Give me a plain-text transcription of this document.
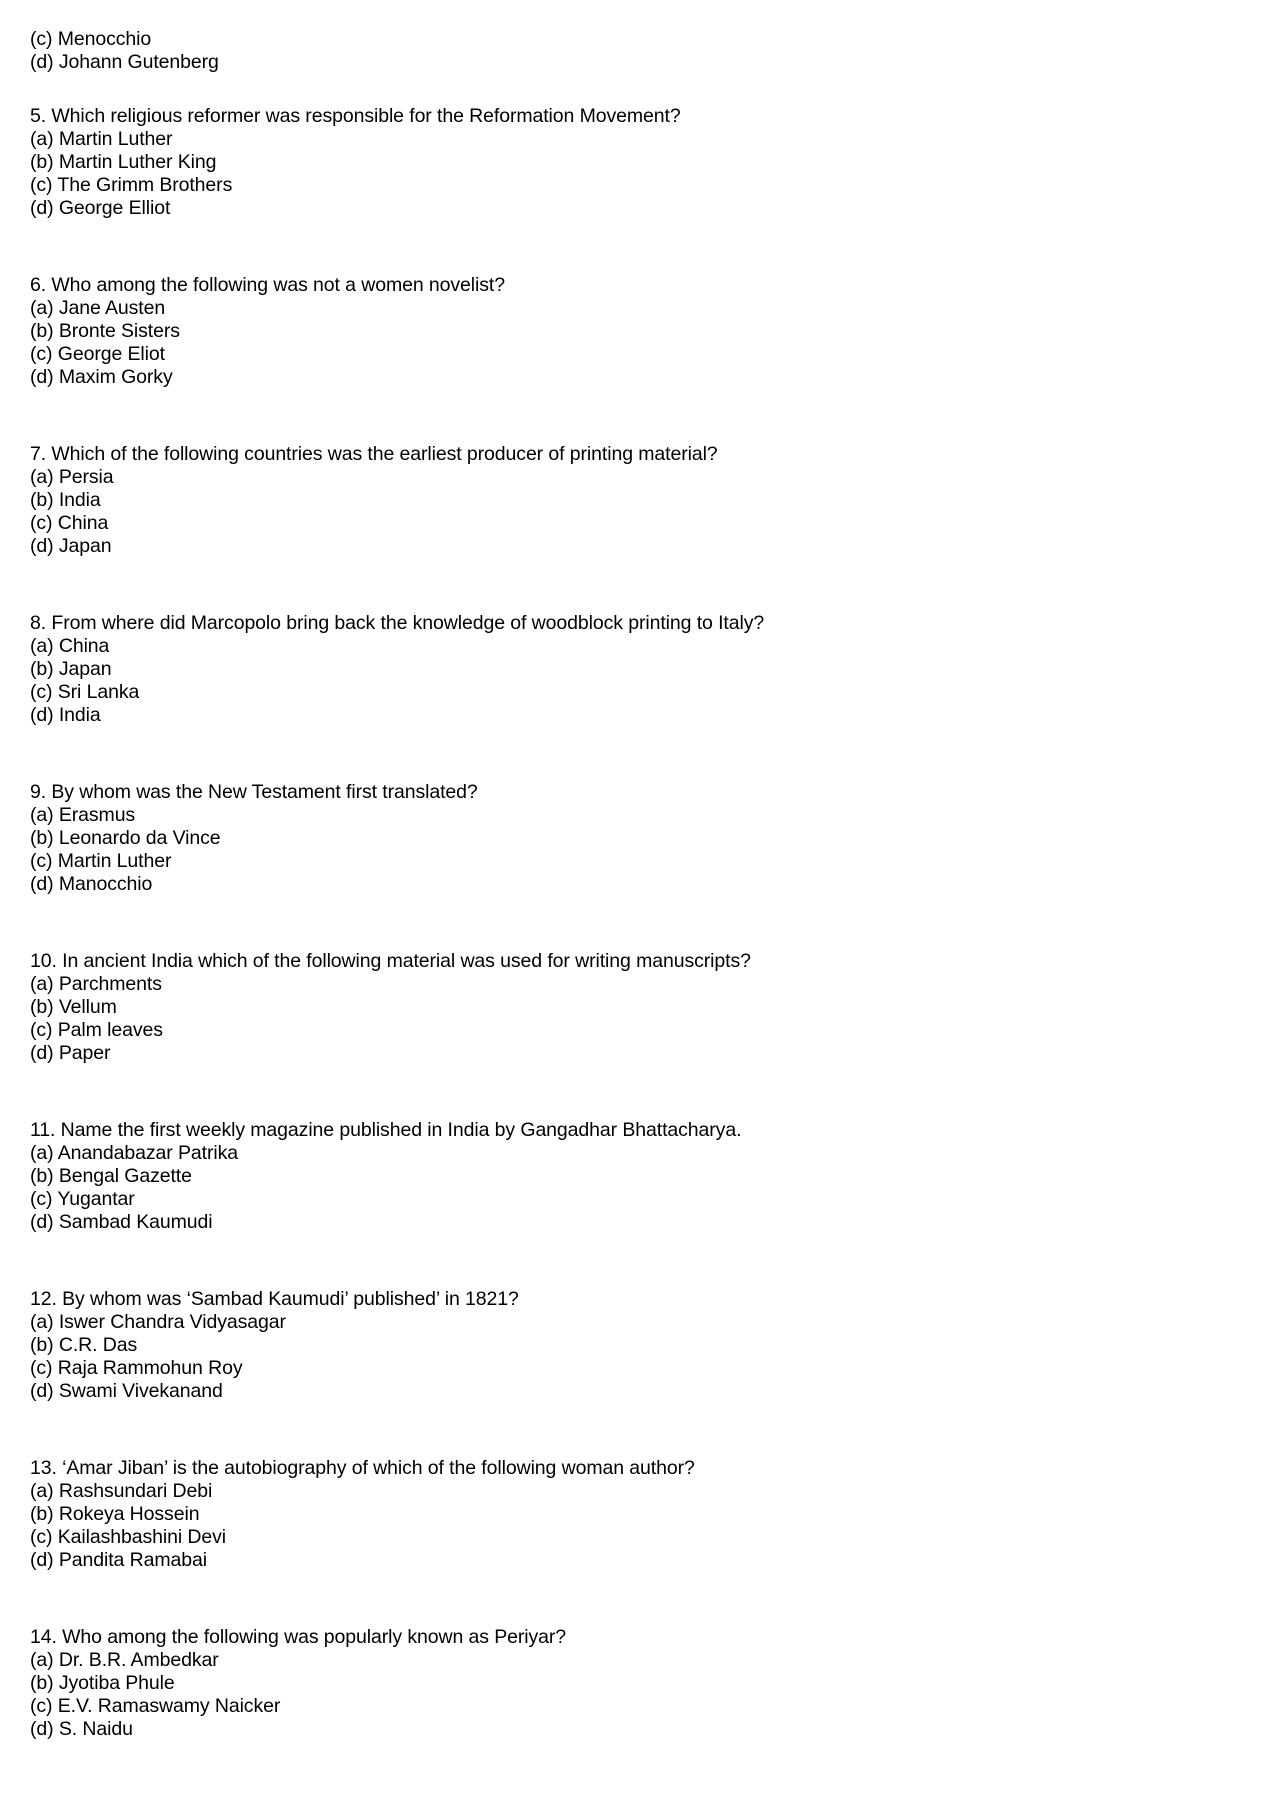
(c) Menocchio
(d) Johann Gutenberg
5. Which religious reformer was responsible for the Reformation Movement?
(a) Martin Luther
(b) Martin Luther King
(c) The Grimm Brothers
(d) George Elliot
6. Who among the following was not a women novelist?
(a) Jane Austen
(b) Bronte Sisters
(c) George Eliot
(d) Maxim Gorky
7. Which of the following countries was the earliest producer of printing material?
(a) Persia
(b) India
(c) China
(d) Japan
8. From where did Marcopolo bring back the knowledge of woodblock printing to Italy?
(a) China
(b) Japan
(c) Sri Lanka
(d) India
9. By whom was the New Testament first translated?
(a) Erasmus
(b) Leonardo da Vince
(c) Martin Luther
(d) Manocchio
10. In ancient India which of the following material was used for writing manuscripts?
(a) Parchments
(b) Vellum
(c) Palm leaves
(d) Paper
11. Name the first weekly magazine published in India by Gangadhar Bhattacharya.
(a) Anandabazar Patrika
(b) Bengal Gazette
(c) Yugantar
(d) Sambad Kaumudi
12. By whom was ‘Sambad Kaumudi’ published’ in 1821?
(a) Iswer Chandra Vidyasagar
(b) C.R. Das
(c) Raja Rammohun Roy
(d) Swami Vivekanand
13. ‘Amar Jiban’ is the autobiography of which of the following woman author?
(a) Rashsundari Debi
(b) Rokeya Hossein
(c) Kailashbashini Devi
(d) Pandita Ramabai
14. Who among the following was popularly known as Periyar?
(a) Dr. B.R. Ambedkar
(b) Jyotiba Phule
(c) E.V. Ramaswamy Naicker
(d) S. Naidu
